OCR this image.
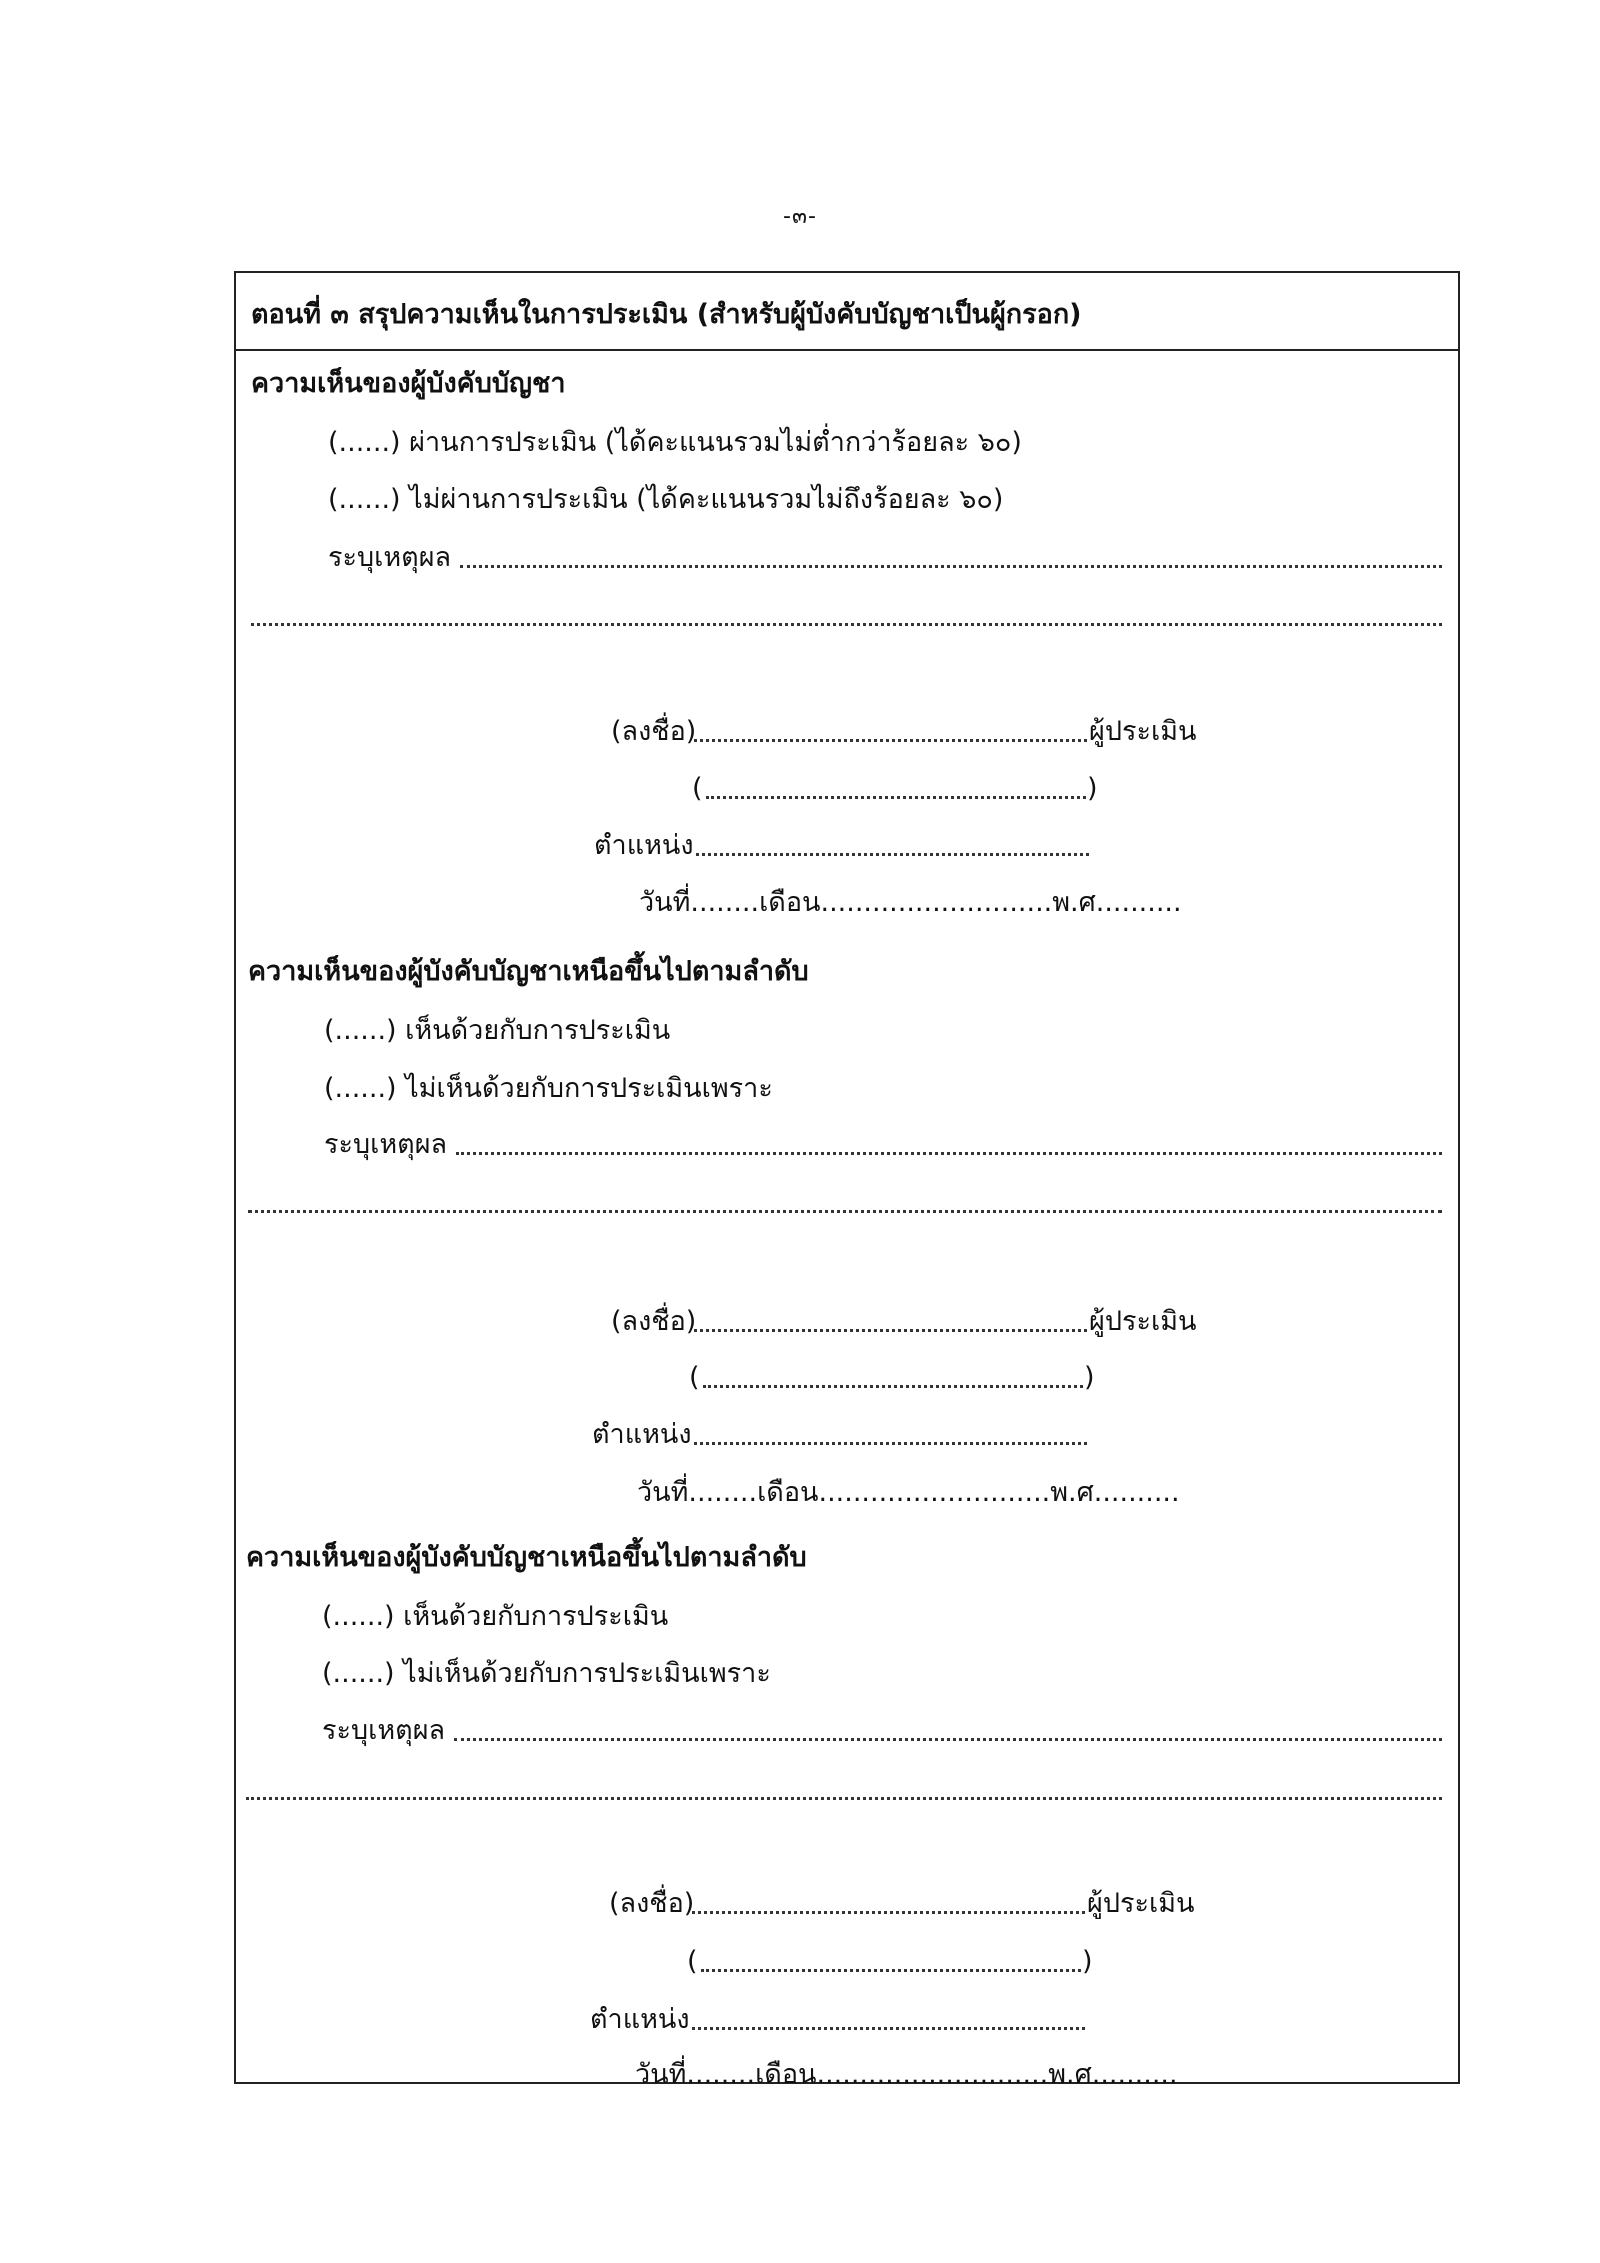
-๓-
ตอนที่ ๓ สรุปความเห็นในการประเมิน (สำหรับผู้บังคับบัญชาเป็นผู้กรอก)
ความเห็นของผู้บังคับบัญชา
(......) ผ่านการประเมิน (ได้คะแนนรวมไม่ต่ำกว่าร้อยละ ๖๐)
(......) ไม่ผ่านการประเมิน (ได้คะแนนรวมไม่ถึงร้อยละ ๖๐)
ระบุเหตุผล
(ลงชื่อ)	ผู้ประเมิน
(	)
ตำแหน่ง
วันที่........เดือน...........................พ.ศ..........
ความเห็นของผู้บังคับบัญชาเหนือขึ้นไปตามลำดับ
(......) เห็นด้วยกับการประเมิน
(......) ไม่เห็นด้วยกับการประเมินเพราะ
ระบุเหตุผล
(ลงชื่อ)	ผู้ประเมิน
(	)
ตำแหน่ง
วันที่........เดือน...........................พ.ศ..........
ความเห็นของผู้บังคับบัญชาเหนือขึ้นไปตามลำดับ
(......) เห็นด้วยกับการประเมิน
(......) ไม่เห็นด้วยกับการประเมินเพราะ
ระบุเหตุผล
(ลงชื่อ)	ผู้ประเมิน
(	)
ตำแหน่ง
วันที่........เดือน...........................พ.ศ..........
